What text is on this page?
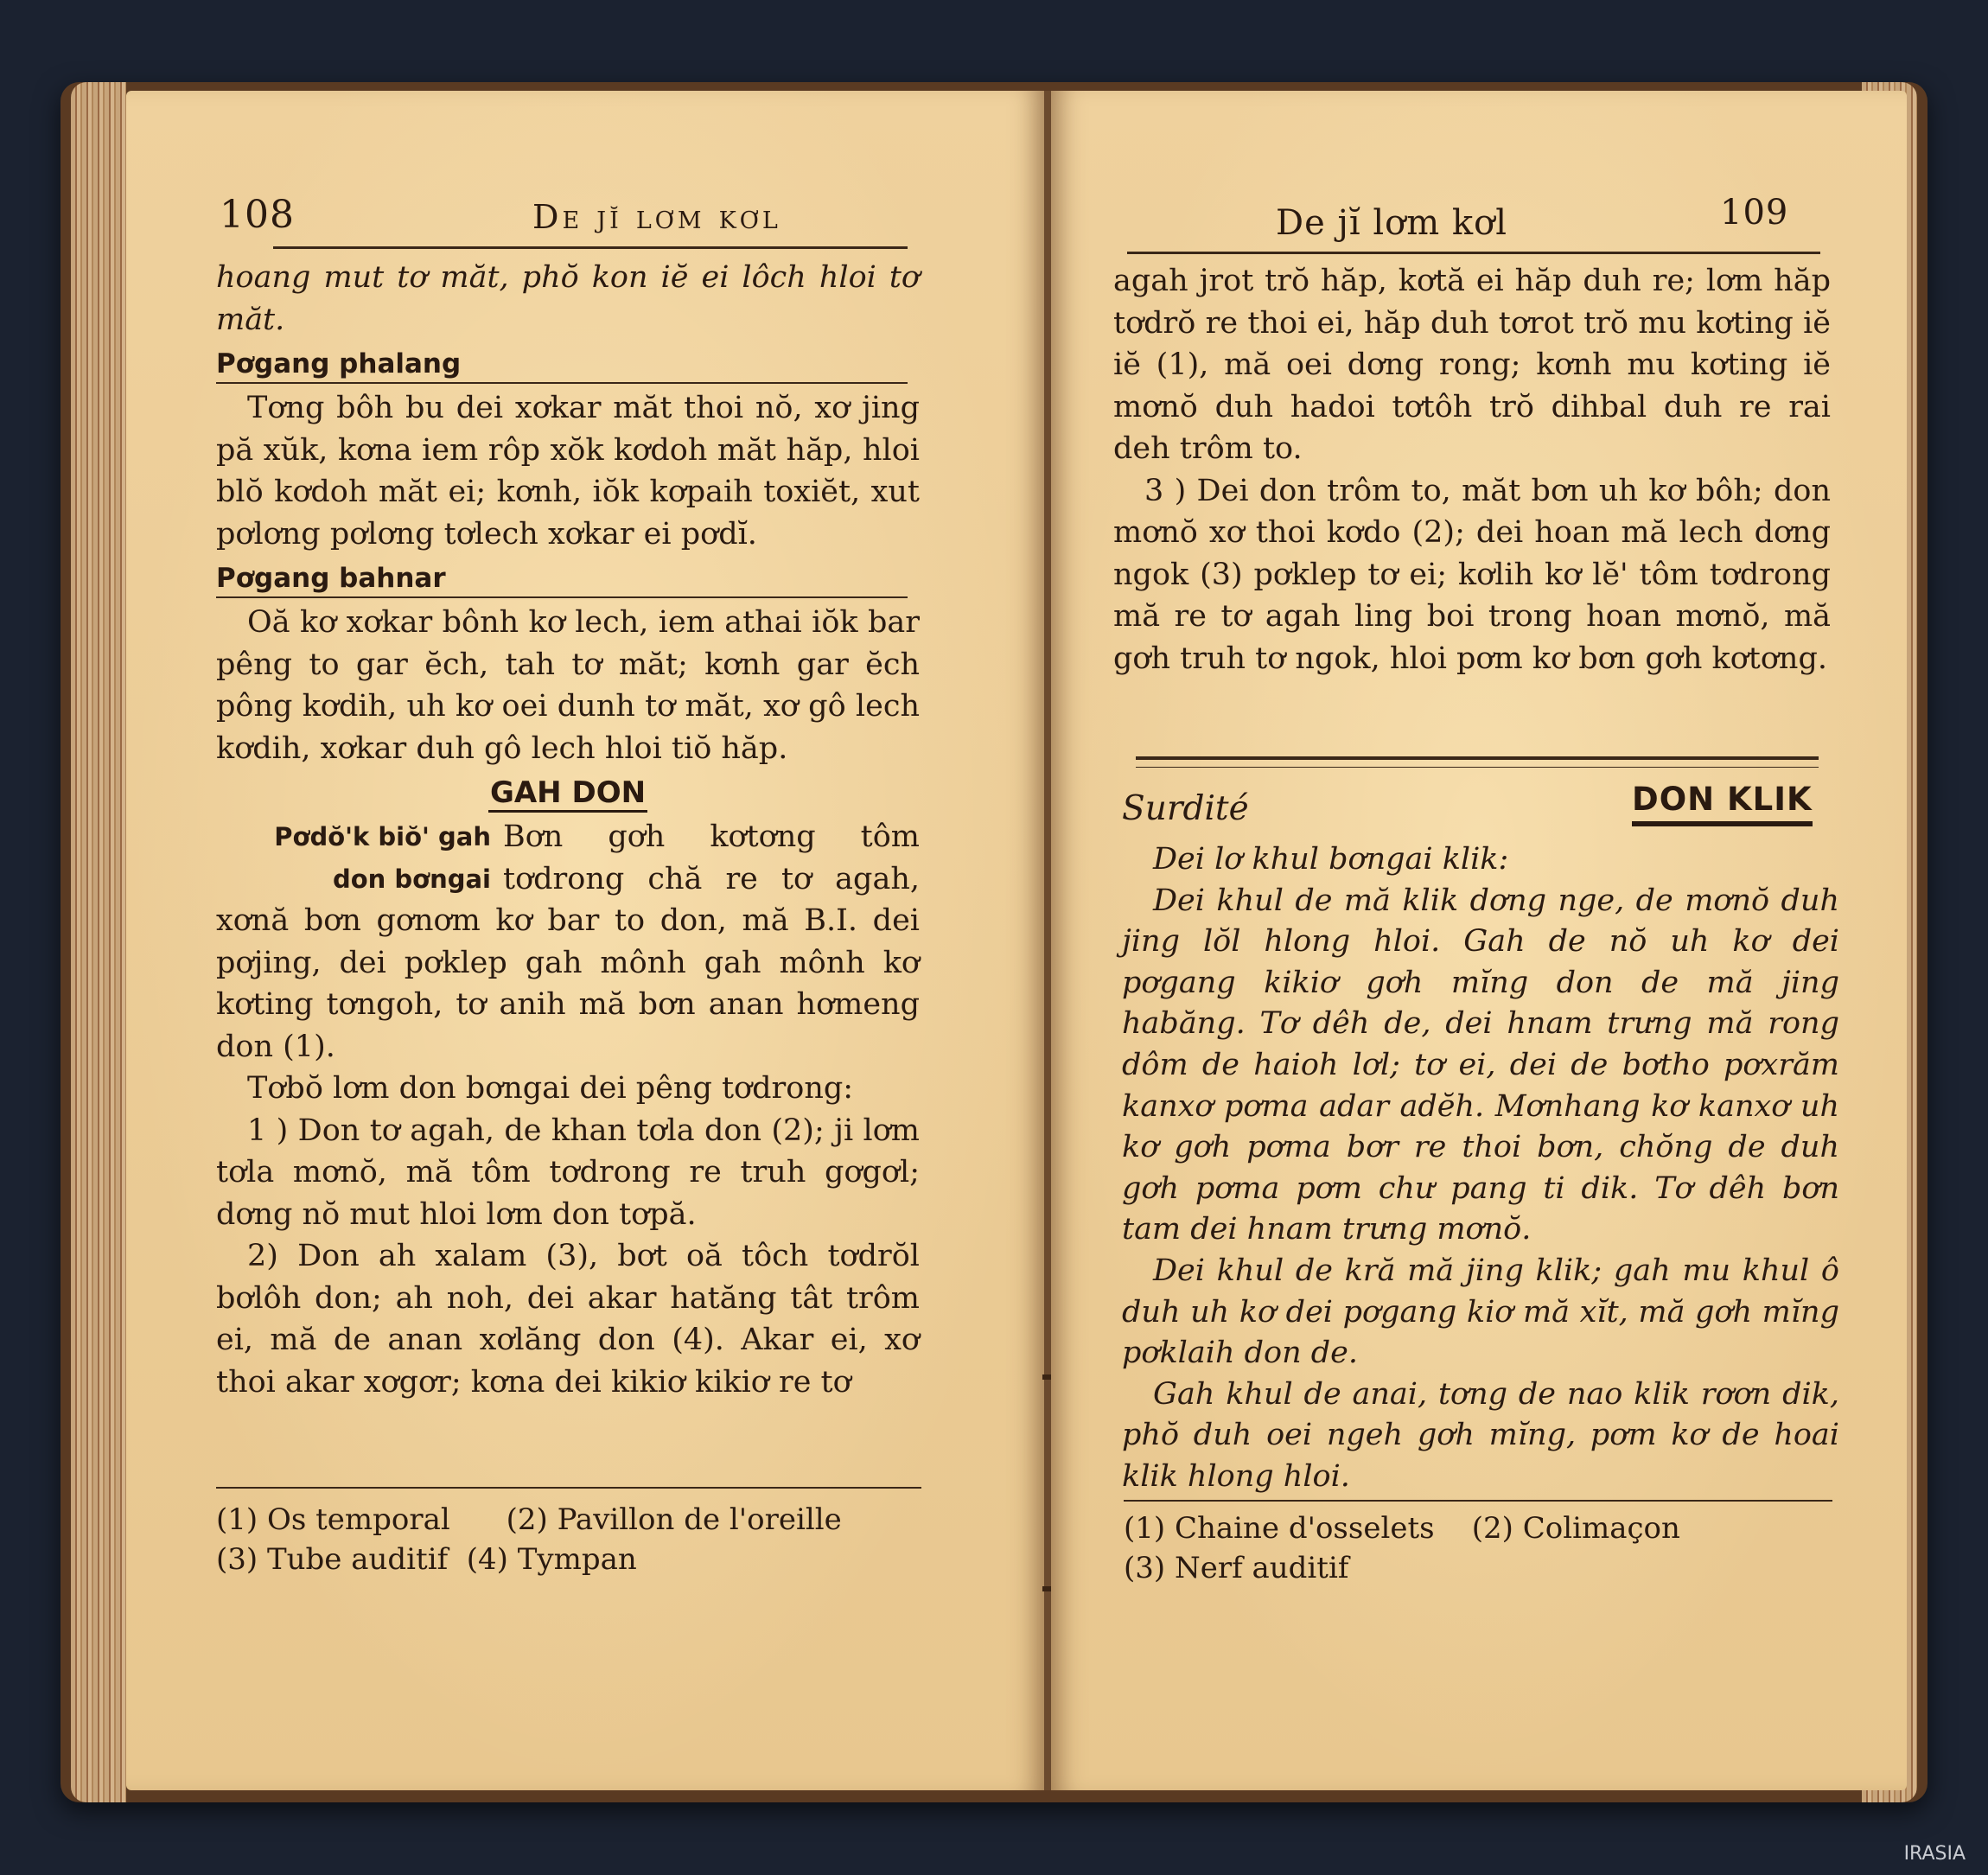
108	De jĭ lơm kơl

hoang mut tơ măt, phŏ kon iĕ ei lôch hloi tơ măt.

Pơgang phalang

Tơng bôh bu dei xơkar măt thoi nŏ, xơ jing pă xŭk, kơna iem rôp xŏk kơdoh măt hăp, hloi blŏ kơdoh măt ei; kơnh, iŏk kơpaih toxiĕt, xut pơlơng pơlơng tơlech xơkar ei pơdĭ.

Pơgang bahnar

Oă kơ xơkar bônh kơ lech, iem athai iŏk bar pêng to gar ĕch, tah tơ măt; kơnh gar ĕch pông kơdih, uh kơ oei dunh tơ măt, xơ gô lech kơdih, xơkar duh gô lech hloi tiŏ hăp.

GAH DON

Pơdŏ'k biŏ' gah don bơngai
Bơn gơh kơtơng tôm tơdrong chă re tơ agah, xơnă bơn gơnơm kơ bar to don, mă B.I. dei pơjing, dei pơklep gah mônh gah mônh kơ kơting tơngoh, tơ anih mă bơn anan hơmeng don (1).

Tơbŏ lơm don bơngai dei pêng tơdrong:

1 ) Don tơ agah, de khan tơla don (2); ji lơm tơla mơnŏ, mă tôm tơdrong re truh gơgơl; dơng nŏ mut hloi lơm don tơpă.

2) Don ah xalam (3), bơt oă tôch tơdrŏl bơlôh don; ah noh, dei akar hatăng tât trôm ei, mă de anan xơlăng don (4). Akar ei, xơ thoi akar xơgơr; kơna dei kikiơ kikiơ re tơ

(1) Os temporal      (2) Pavillon de l'oreille
(3) Tube auditif  (4) Tympan
De jĭ lơm kơl	109

agah jrot trŏ hăp, kơtă ei hăp duh re; lơm hăp tơdrŏ re thoi ei, hăp duh tơrot trŏ mu kơting iĕ iĕ (1), mă oei dơng rong; kơnh mu kơting iĕ mơnŏ duh hadoi tơtôh trŏ dihbal duh re rai deh trôm to.

3 ) Dei don trôm to, măt bơn uh kơ bôh; don mơnŏ xơ thoi kơdo (2); dei hoan mă lech dơng ngok (3) pơklep tơ ei; kơlih kơ lĕ' tôm tơdrong mă re tơ agah ling boi trong hoan mơnŏ, mă gơh truh tơ ngok, hloi pơm kơ bơn gơh kơtơng.

Surdité	DON KLIK

Dei lơ khul bơngai klik:

Dei khul de mă klik dơng nge, de mơnŏ duh jing lŏl hlong hloi. Gah de nŏ uh kơ dei pơgang kikiơ gơh mĭng don de mă jing habăng. Tơ dêh de, dei hnam trưng mă rong dôm de haioh lơl; tơ ei, dei de bơtho pơxrăm kanxơ pơma adar adĕh. Mơnhang kơ kanxơ uh kơ gơh pơma bơr re thoi bơn, chŏng de duh gơh pơma pơm chư pang ti dik. Tơ dêh bơn tam dei hnam trưng mơnŏ.

Dei khul de kră mă jing klik; gah mu khul ô duh uh kơ dei pơgang kiơ mă xĭt, mă gơh mĭng pơklaih don de.

Gah khul de anai, tơng de nao klik rơơn dik, phŏ duh oei ngeh gơh mĭng, pơm kơ de hoai klik hlong hloi.

(1) Chaine d'osselets    (2) Colimaçon
(3) Nerf auditif
IRASIA
